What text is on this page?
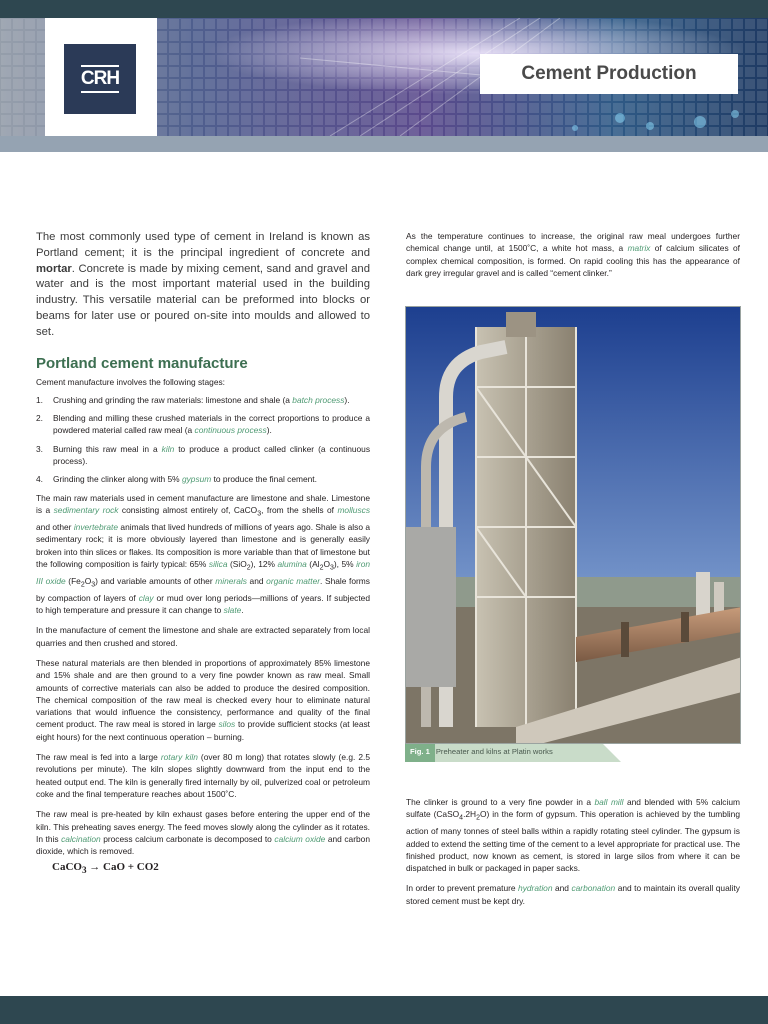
CRH	Cement Production

The most commonly used type of cement in Ireland is known as Portland cement; it is the principal ingredient of concrete and mortar. Concrete is made by mixing cement, sand and gravel and water and is the most important material used in the building industry. This versatile material can be preformed into blocks or beams for later use or poured on-site into moulds and allowed to set.

Portland cement manufacture

Cement manufacture involves the following stages:

1. Crushing and grinding the raw materials: limestone and shale (a batch process).
2. Blending and milling these crushed materials in the correct proportions to produce a powdered material called raw meal (a continuous process).
3. Burning this raw meal in a kiln to produce a product called clinker (a continuous process).
4. Grinding the clinker along with 5% gypsum to produce the final cement.

The main raw materials used in cement manufacture are limestone and shale. Limestone is a sedimentary rock consisting almost entirely of, CaCO$_3$, from the shells of molluscs and other invertebrate animals that lived hundreds of millions of years ago. Shale is also a sedimentary rock; it is more obviously layered than limestone and is generally easily broken into thin slices or flakes. Its composition is more variable than that of limestone but the following composition is fairly typical: 65% silica (SiO$_2$), 12% alumina $(Al_2O_3)$, 5% iron III oxide $(Fe_2O_3)$ and variable amounts of other minerals and organic matter. Shale forms by compaction of layers of clay or mud over long periods—millions of years. If subjected to high temperature and pressure it can change to slate.

In the manufacture of cement the limestone and shale are extracted separately from local quarries and then crushed and stored.

These natural materials are then blended in proportions of approximately 85% limestone and 15% shale and are then ground to a very fine powder known as raw meal. Small amounts of corrective materials can also be added to produce the desired composition. The chemical composition of the raw meal is checked every hour to eliminate natural variations that would influence the consistency, performance and quality of the final cement product. The raw meal is stored in large silos to provide sufficient stocks (at least eight hours) for the next continuous operation – burning.

The raw meal is fed into a large rotary kiln (over 80 m long) that rotates slowly (e.g. 2.5 revolutions per minute). The kiln slopes slightly downward from the input end to the heated output end. The kiln is generally fired internally by oil, pulverized coal or petroleum coke and the final temperature reaches about 1500˚C.

The raw meal is pre-heated by kiln exhaust gases before entering the upper end of the kiln. This preheating saves energy. The feed moves slowly along the cylinder as it rotates. In this calcination process calcium carbonate is decomposed to calcium oxide and carbon dioxide, which is removed.

CaCO$_3$ → CaO + CO2

As the temperature continues to increase, the original raw meal undergoes further chemical change until, at 1500˚C, a white hot mass, a matrix of calcium silicates of complex chemical composition, is formed. On rapid cooling this has the appearance of dark grey irregular gravel and is called “cement clinker.”

Fig. 1 Preheater and kilns at Platin works

The clinker is ground to a very fine powder in a ball mill and blended with 5% calcium sulfate $(CaSO_4.2H_2O)$ in the form of gypsum. This operation is achieved by the tumbling action of many tonnes of steel balls within a rapidly rotating steel cylinder. The gypsum is added to extend the setting time of the cement to a level appropriate for practical use. The finished product, now known as cement, is stored in large silos from where it can be dispatched in bulk or packaged in paper sacks.

In order to prevent premature hydration and carbonation and to maintain its overall quality stored cement must be kept dry.
